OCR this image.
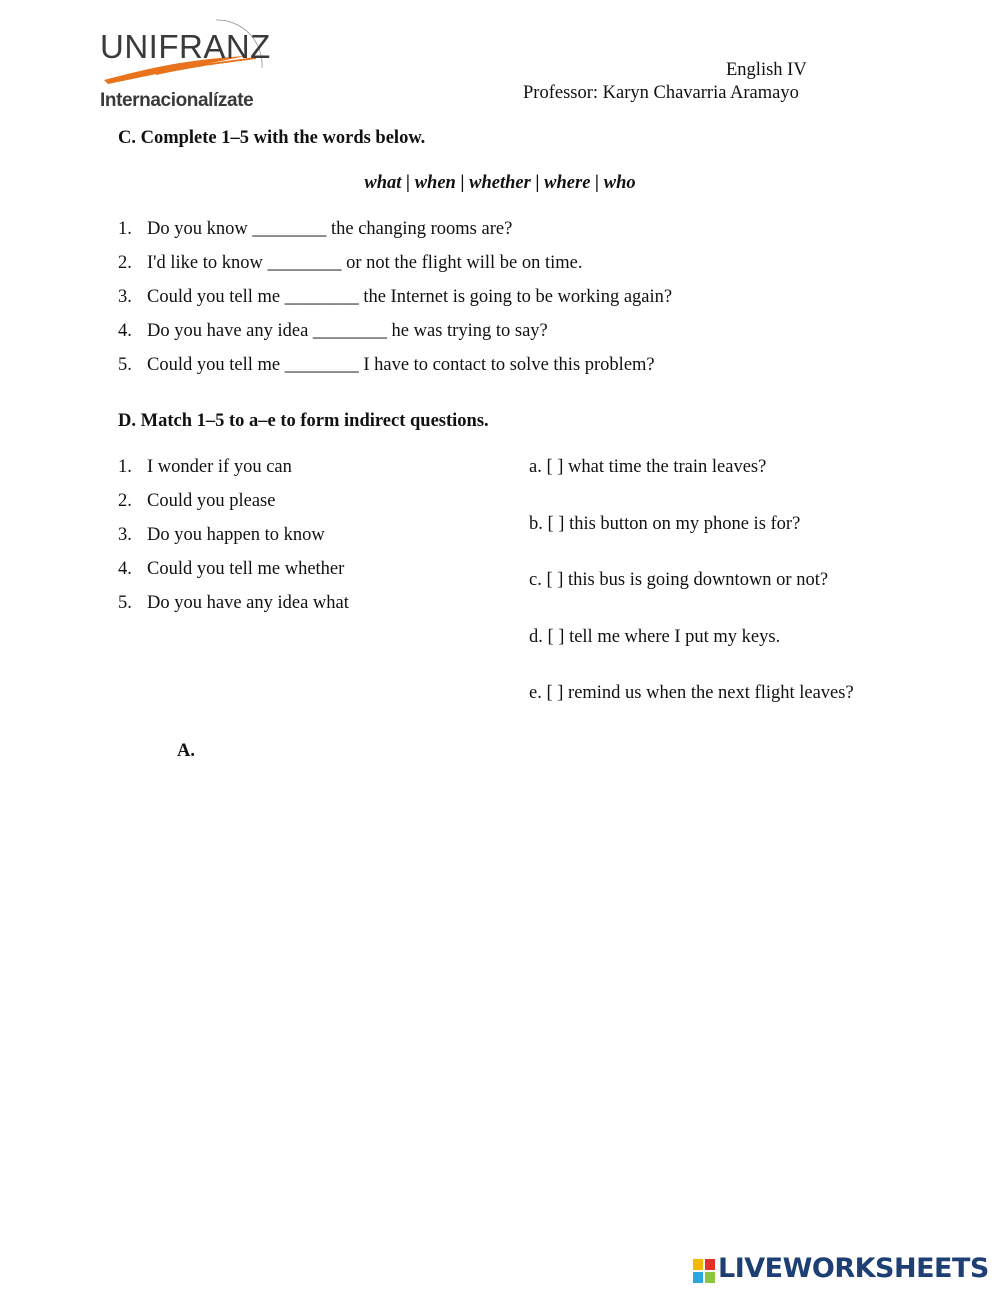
UNIFRANZ
Internacionalízate
English IV
Professor: Karyn Chavarria Aramayo
C. Complete 1–5 with the words below.
what | when | whether | where | who
1. Do you know ________ the changing rooms are?
2. I'd like to know ________ or not the flight will be on time.
3. Could you tell me ________ the Internet is going to be working again?
4. Do you have any idea ________ he was trying to say?
5. Could you tell me ________ I have to contact to solve this problem?
D. Match 1–5 to a–e to form indirect questions.
1. I wonder if you can
2. Could you please
3. Do you happen to know
4. Could you tell me whether
5. Do you have any idea what
a. [ ] what time the train leaves?
b. [ ] this button on my phone is for?
c. [ ] this bus is going downtown or not?
d. [ ] tell me where I put my keys.
e. [ ] remind us when the next flight leaves?
A.
LIVEWORKSHEETS
